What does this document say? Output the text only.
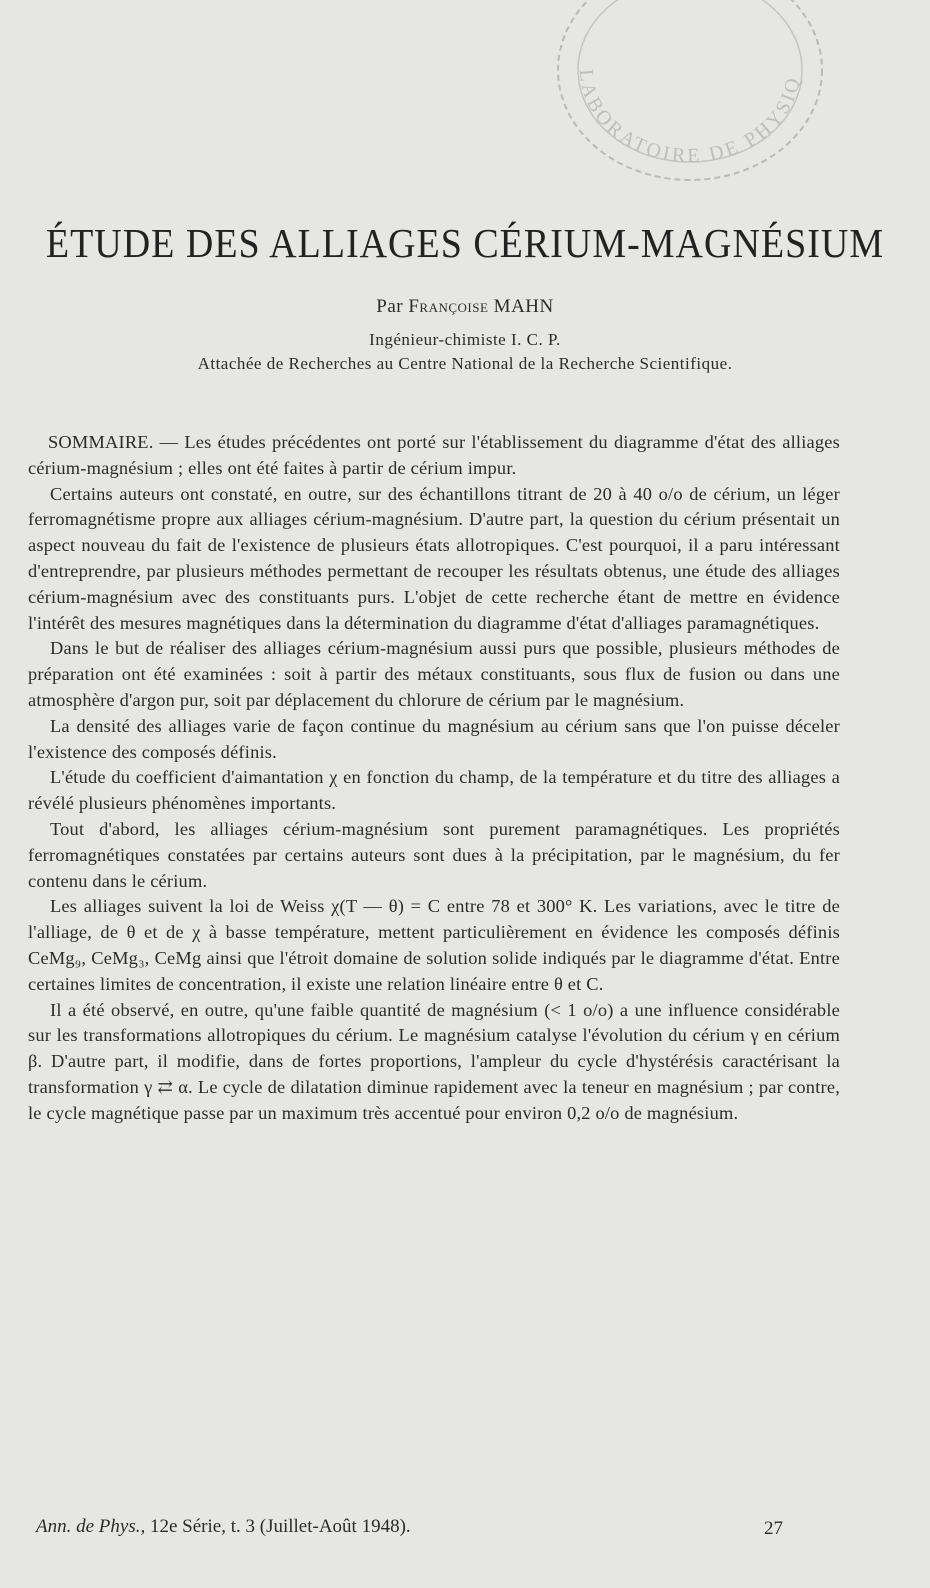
LABORATOIRE DE PHYSIQ
ÉTUDE DES ALLIAGES CÉRIUM-MAGNÉSIUM
Par Françoise MAHN
Ingénieur-chimiste I. C. P.
Attachée de Recherches au Centre National de la Recherche Scientifique.

SOMMAIRE. — Les études précédentes ont porté sur l'établissement du diagramme d'état des alliages cérium-magnésium ; elles ont été faites à partir de cérium impur.

Certains auteurs ont constaté, en outre, sur des échantillons titrant de 20 à 40 o/o de cérium, un léger ferromagnétisme propre aux alliages cérium-magnésium. D'autre part, la question du cérium présentait un aspect nouveau du fait de l'existence de plusieurs états allotropiques. C'est pourquoi, il a paru intéressant d'entreprendre, par plusieurs méthodes permettant de recouper les résultats obtenus, une étude des alliages cérium-magnésium avec des constituants purs. L'objet de cette recherche étant de mettre en évidence l'intérêt des mesures magnétiques dans la détermination du diagramme d'état d'alliages paramagnétiques.

Dans le but de réaliser des alliages cérium-magnésium aussi purs que possible, plusieurs méthodes de préparation ont été examinées : soit à partir des métaux constituants, sous flux de fusion ou dans une atmosphère d'argon pur, soit par déplacement du chlorure de cérium par le magnésium.

La densité des alliages varie de façon continue du magnésium au cérium sans que l'on puisse déceler l'existence des composés définis.

L'étude du coefficient d'aimantation χ en fonction du champ, de la température et du titre des alliages a révélé plusieurs phénomènes importants.

Tout d'abord, les alliages cérium-magnésium sont purement paramagnétiques. Les propriétés ferromagnétiques constatées par certains auteurs sont dues à la précipitation, par le magnésium, du fer contenu dans le cérium.

Les alliages suivent la loi de Weiss χ(T — θ) = C entre 78 et 300° K. Les variations, avec le titre de l'alliage, de θ et de χ à basse température, mettent particulièrement en évidence les composés définis CeMg₉, CeMg₃, CeMg ainsi que l'étroit domaine de solution solide indiqués par le diagramme d'état. Entre certaines limites de concentration, il existe une relation linéaire entre θ et C.

Il a été observé, en outre, qu'une faible quantité de magnésium (< 1 o/o) a une influence considérable sur les transformations allotropiques du cérium. Le magnésium catalyse l'évolution du cérium γ en cérium β. D'autre part, il modifie, dans de fortes proportions, l'ampleur du cycle d'hystérésis caractérisant la transformation γ ⇄ α. Le cycle de dilatation diminue rapidement avec la teneur en magnésium ; par contre, le cycle magnétique passe par un maximum très accentué pour environ 0,2 o/o de magnésium.

Ann. de Phys., 12e Série, t. 3 (Juillet-Août 1948).	27
